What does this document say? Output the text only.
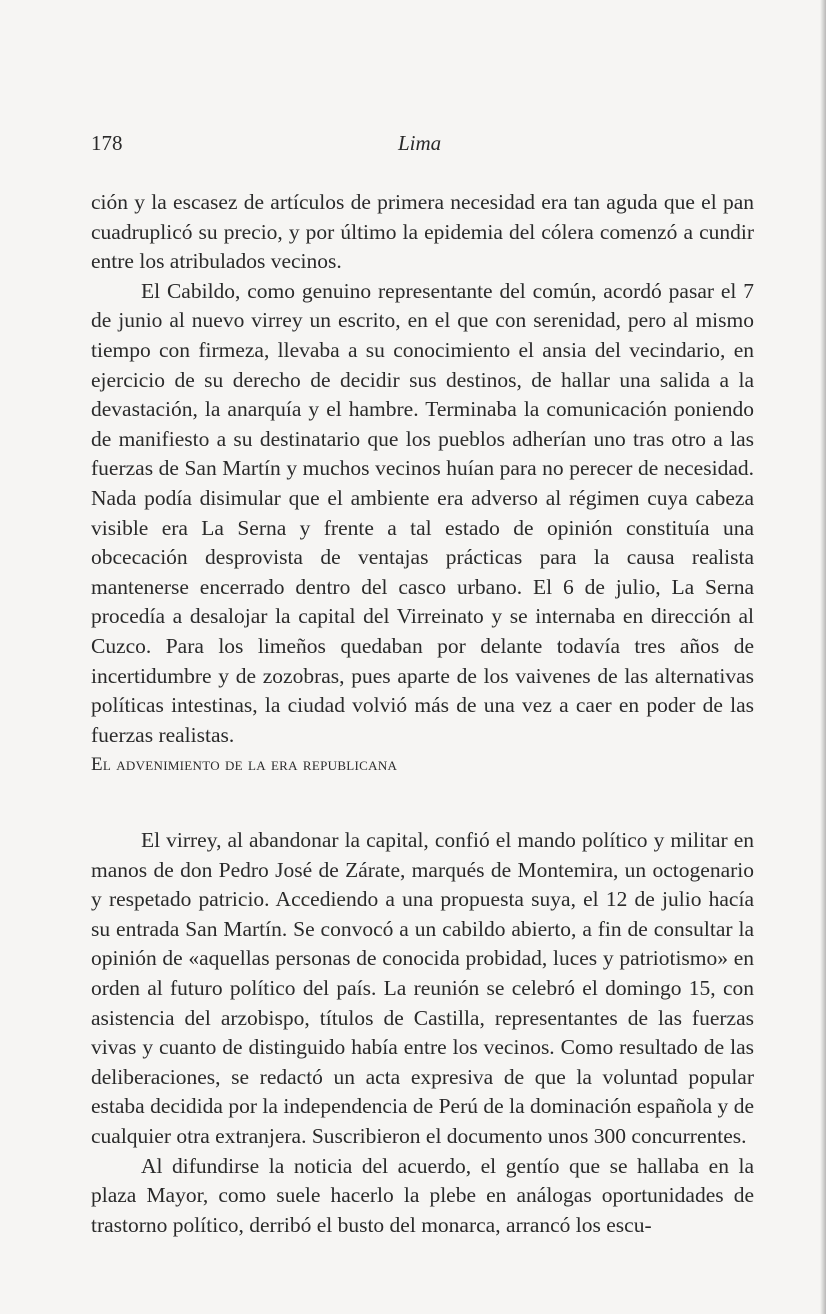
178	Lima

ción y la escasez de artículos de primera necesidad era tan aguda que el pan cuadruplicó su precio, y por último la epidemia del cólera comenzó a cundir entre los atribulados vecinos.

El Cabildo, como genuino representante del común, acordó pasar el 7 de junio al nuevo virrey un escrito, en el que con serenidad, pero al mismo tiempo con firmeza, llevaba a su conocimiento el ansia del vecindario, en ejercicio de su derecho de decidir sus destinos, de hallar una salida a la devastación, la anarquía y el hambre. Terminaba la comunicación poniendo de manifiesto a su destinatario que los pueblos adherían uno tras otro a las fuerzas de San Martín y muchos vecinos huían para no perecer de necesidad. Nada podía disimular que el ambiente era adverso al régimen cuya cabeza visible era La Serna y frente a tal estado de opinión constituía una obcecación desprovista de ventajas prácticas para la causa realista mantenerse encerrado dentro del casco urbano. El 6 de julio, La Serna procedía a desalojar la capital del Virreinato y se internaba en dirección al Cuzco. Para los limeños quedaban por delante todavía tres años de incertidumbre y de zozobras, pues aparte de los vaivenes de las alternativas políticas intestinas, la ciudad volvió más de una vez a caer en poder de las fuerzas realistas.

El advenimiento de la era republicana

El virrey, al abandonar la capital, confió el mando político y militar en manos de don Pedro José de Zárate, marqués de Montemira, un octogenario y respetado patricio. Accediendo a una propuesta suya, el 12 de julio hacía su entrada San Martín. Se convocó a un cabildo abierto, a fin de consultar la opinión de «aquellas personas de conocida probidad, luces y patriotismo» en orden al futuro político del país. La reunión se celebró el domingo 15, con asistencia del arzobispo, títulos de Castilla, representantes de las fuerzas vivas y cuanto de distinguido había entre los vecinos. Como resultado de las deliberaciones, se redactó un acta expresiva de que la voluntad popular estaba decidida por la independencia de Perú de la dominación española y de cualquier otra extranjera. Suscribieron el documento unos 300 concurrentes.

Al difundirse la noticia del acuerdo, el gentío que se hallaba en la plaza Mayor, como suele hacerlo la plebe en análogas oportunidades de trastorno político, derribó el busto del monarca, arrancó los escu-
